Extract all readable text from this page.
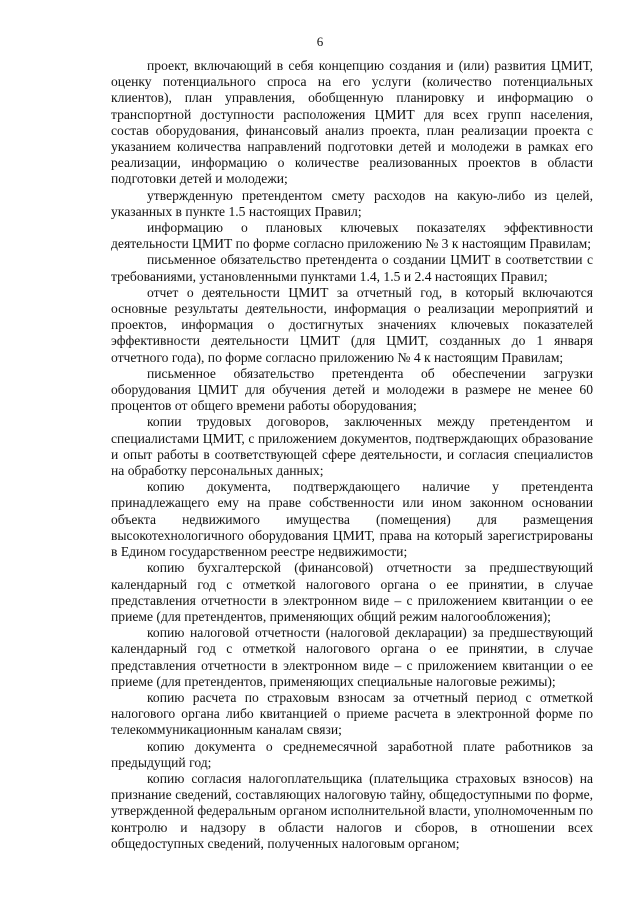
6

проект, включающий в себя концепцию создания и (или) развития ЦМИТ, оценку потенциального спроса на его услуги (количество потенциальных клиентов), план управления, обобщенную планировку и информацию о транспортной доступности расположения ЦМИТ для всех групп населения, состав оборудования, финансовый анализ проекта, план реализации проекта с указанием количества направлений подготовки детей и молодежи в рамках его реализации, информацию о количестве реализованных проектов в области подготовки детей и молодежи;

утвержденную претендентом смету расходов на какую-либо из целей, указанных в пункте 1.5 настоящих Правил;

информацию о плановых ключевых показателях эффективности деятельности ЦМИТ по форме согласно приложению № 3 к настоящим Правилам;

письменное обязательство претендента о создании ЦМИТ в соответствии с требованиями, установленными пунктами 1.4, 1.5 и 2.4 настоящих Правил;

отчет о деятельности ЦМИТ за отчетный год, в который включаются основные результаты деятельности, информация о реализации мероприятий и проектов, информация о достигнутых значениях ключевых показателей эффективности деятельности ЦМИТ (для ЦМИТ, созданных до 1 января отчетного года), по форме согласно приложению № 4 к настоящим Правилам;

письменное обязательство претендента об обеспечении загрузки оборудования ЦМИТ для обучения детей и молодежи в размере не менее 60 процентов от общего времени работы оборудования;

копии трудовых договоров, заключенных между претендентом и специалистами ЦМИТ, с приложением документов, подтверждающих образование и опыт работы в соответствующей сфере деятельности, и согласия специалистов на обработку персональных данных;

копию документа, подтверждающего наличие у претендента принадлежащего ему на праве собственности или ином законном основании объекта недвижимого имущества (помещения) для размещения высокотехнологичного оборудования ЦМИТ, права на который зарегистрированы в Едином государственном реестре недвижимости;

копию бухгалтерской (финансовой) отчетности за предшествующий календарный год с отметкой налогового органа о ее принятии, в случае представления отчетности в электронном виде – с приложением квитанции о ее приеме (для претендентов, применяющих общий режим налогообложения);

копию налоговой отчетности (налоговой декларации) за предшествующий календарный год с отметкой налогового органа о ее принятии, в случае представления отчетности в электронном виде – с приложением квитанции о ее приеме (для претендентов, применяющих специальные налоговые режимы);

копию расчета по страховым взносам за отчетный период с отметкой налогового органа либо квитанцией о приеме расчета в электронной форме по телекоммуникационным каналам связи;

копию документа о среднемесячной заработной плате работников за предыдущий год;

копию согласия налогоплательщика (плательщика страховых взносов) на признание сведений, составляющих налоговую тайну, общедоступными по форме, утвержденной федеральным органом исполнительной власти, уполномоченным по контролю и надзору в области налогов и сборов, в отношении всех общедоступных сведений, полученных налоговым органом;
